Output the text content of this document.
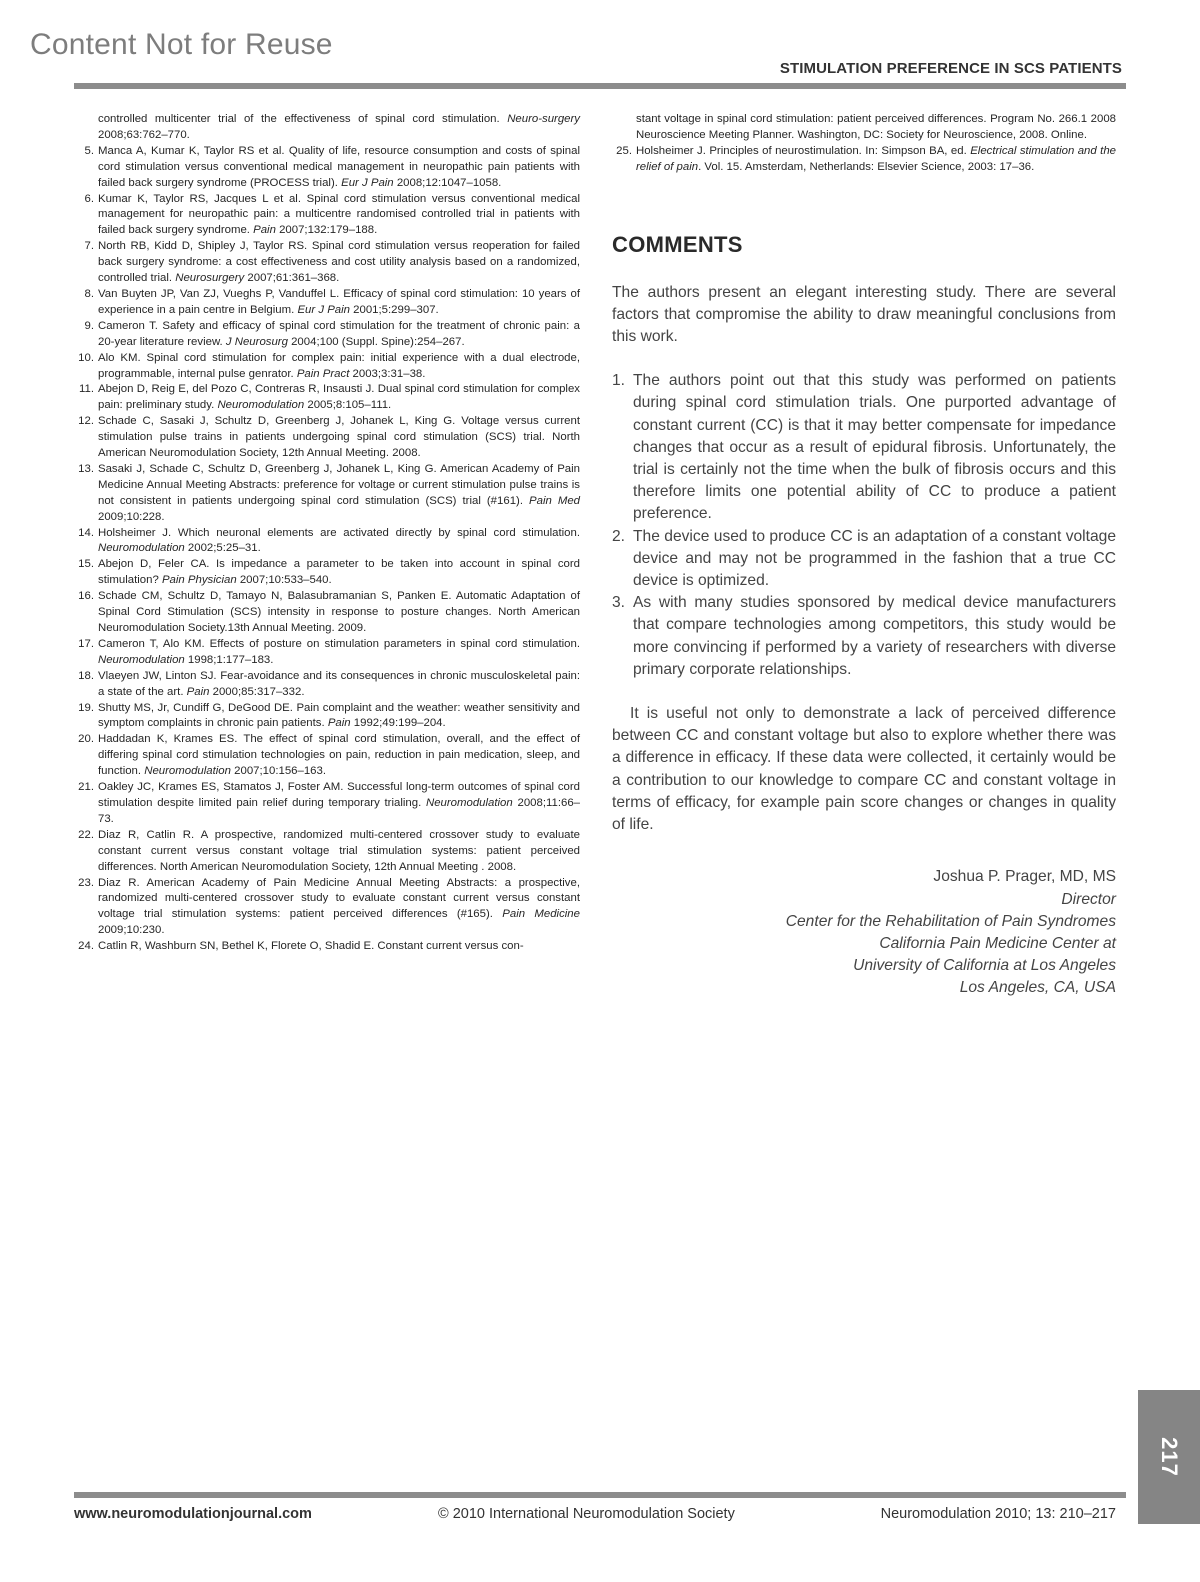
Content Not for Reuse
STIMULATION PREFERENCE IN SCS PATIENTS
controlled multicenter trial of the effectiveness of spinal cord stimulation. Neuro-surgery 2008;63:762–770.
5. Manca A, Kumar K, Taylor RS et al. Quality of life, resource consumption and costs of spinal cord stimulation versus conventional medical management in neuropathic pain patients with failed back surgery syndrome (PROCESS trial). Eur J Pain 2008;12:1047–1058.
6. Kumar K, Taylor RS, Jacques L et al. Spinal cord stimulation versus conventional medical management for neuropathic pain: a multicentre randomised controlled trial in patients with failed back surgery syndrome. Pain 2007;132:179–188.
7. North RB, Kidd D, Shipley J, Taylor RS. Spinal cord stimulation versus reoperation for failed back surgery syndrome: a cost effectiveness and cost utility analysis based on a randomized, controlled trial. Neurosurgery 2007;61:361–368.
8. Van Buyten JP, Van ZJ, Vueghs P, Vanduffel L. Efficacy of spinal cord stimulation: 10 years of experience in a pain centre in Belgium. Eur J Pain 2001;5:299–307.
9. Cameron T. Safety and efficacy of spinal cord stimulation for the treatment of chronic pain: a 20-year literature review. J Neurosurg 2004;100 (Suppl. Spine):254–267.
10. Alo KM. Spinal cord stimulation for complex pain: initial experience with a dual electrode, programmable, internal pulse genrator. Pain Pract 2003;3:31–38.
11. Abejon D, Reig E, del Pozo C, Contreras R, Insausti J. Dual spinal cord stimulation for complex pain: preliminary study. Neuromodulation 2005;8:105–111.
12. Schade C, Sasaki J, Schultz D, Greenberg J, Johanek L, King G. Voltage versus current stimulation pulse trains in patients undergoing spinal cord stimulation (SCS) trial. North American Neuromodulation Society, 12th Annual Meeting. 2008.
13. Sasaki J, Schade C, Schultz D, Greenberg J, Johanek L, King G. American Academy of Pain Medicine Annual Meeting Abstracts: preference for voltage or current stimulation pulse trains is not consistent in patients undergoing spinal cord stimulation (SCS) trial (#161). Pain Med 2009;10:228.
14. Holsheimer J. Which neuronal elements are activated directly by spinal cord stimulation. Neuromodulation 2002;5:25–31.
15. Abejon D, Feler CA. Is impedance a parameter to be taken into account in spinal cord stimulation? Pain Physician 2007;10:533–540.
16. Schade CM, Schultz D, Tamayo N, Balasubramanian S, Panken E. Automatic Adaptation of Spinal Cord Stimulation (SCS) intensity in response to posture changes. North American Neuromodulation Society.13th Annual Meeting. 2009.
17. Cameron T, Alo KM. Effects of posture on stimulation parameters in spinal cord stimulation. Neuromodulation 1998;1:177–183.
18. Vlaeyen JW, Linton SJ. Fear-avoidance and its consequences in chronic musculoskeletal pain: a state of the art. Pain 2000;85:317–332.
19. Shutty MS, Jr, Cundiff G, DeGood DE. Pain complaint and the weather: weather sensitivity and symptom complaints in chronic pain patients. Pain 1992;49:199–204.
20. Haddadan K, Krames ES. The effect of spinal cord stimulation, overall, and the effect of differing spinal cord stimulation technologies on pain, reduction in pain medication, sleep, and function. Neuromodulation 2007;10:156–163.
21. Oakley JC, Krames ES, Stamatos J, Foster AM. Successful long-term outcomes of spinal cord stimulation despite limited pain relief during temporary trialing. Neuromodulation 2008;11:66–73.
22. Diaz R, Catlin R. A prospective, randomized multi-centered crossover study to evaluate constant current versus constant voltage trial stimulation systems: patient perceived differences. North American Neuromodulation Society, 12th Annual Meeting . 2008.
23. Diaz R. American Academy of Pain Medicine Annual Meeting Abstracts: a prospective, randomized multi-centered crossover study to evaluate constant current versus constant voltage trial stimulation systems: patient perceived differences (#165). Pain Medicine 2009;10:230.
24. Catlin R, Washburn SN, Bethel K, Florete O, Shadid E. Constant current versus con-
stant voltage in spinal cord stimulation: patient perceived differences. Program No. 266.1 2008 Neuroscience Meeting Planner. Washington, DC: Society for Neuroscience, 2008. Online.
25. Holsheimer J. Principles of neurostimulation. In: Simpson BA, ed. Electrical stimulation and the relief of pain. Vol. 15. Amsterdam, Netherlands: Elsevier Science, 2003: 17–36.
COMMENTS

The authors present an elegant interesting study. There are several factors that compromise the ability to draw meaningful conclusions from this work.

1. The authors point out that this study was performed on patients during spinal cord stimulation trials. One purported advantage of constant current (CC) is that it may better compensate for impedance changes that occur as a result of epidural fibrosis. Unfortunately, the trial is certainly not the time when the bulk of fibrosis occurs and this therefore limits one potential ability of CC to produce a patient preference.
2. The device used to produce CC is an adaptation of a constant voltage device and may not be programmed in the fashion that a true CC device is optimized.
3. As with many studies sponsored by medical device manufacturers that compare technologies among competitors, this study would be more convincing if performed by a variety of researchers with diverse primary corporate relationships.

It is useful not only to demonstrate a lack of perceived difference between CC and constant voltage but also to explore whether there was a difference in efficacy. If these data were collected, it certainly would be a contribution to our knowledge to compare CC and constant voltage in terms of efficacy, for example pain score changes or changes in quality of life.

Joshua P. Prager, MD, MS
Director
Center for the Rehabilitation of Pain Syndromes
California Pain Medicine Center at
University of California at Los Angeles
Los Angeles, CA, USA
217
www.neuromodulationjournal.com	© 2010 International Neuromodulation Society	Neuromodulation 2010; 13: 210–217
